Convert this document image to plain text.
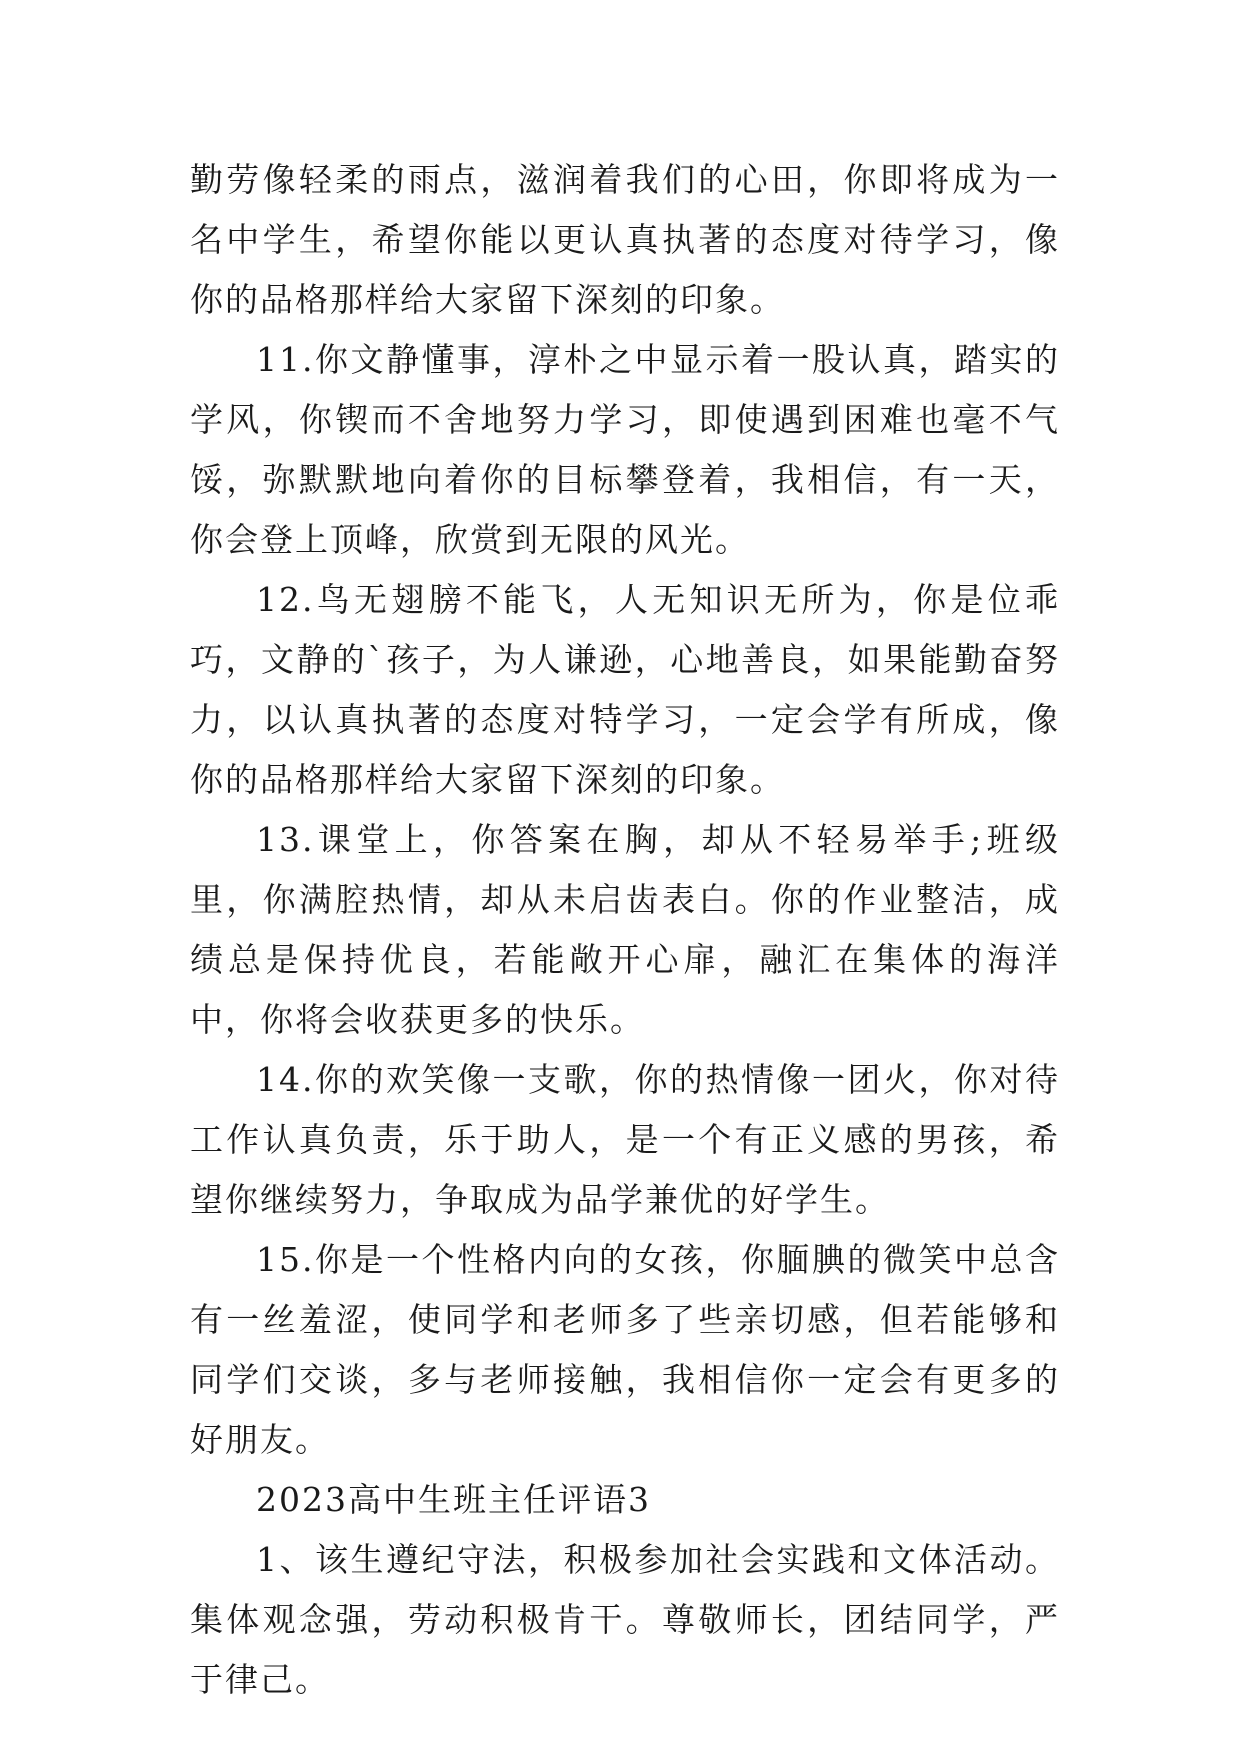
勤劳像轻柔的雨点，滋润着我们的心田，你即将成为一名中学生，希望你能以更认真执著的态度对待学习，像你的品格那样给大家留下深刻的印象。

11.你文静懂事，淳朴之中显示着一股认真，踏实的学风，你锲而不舍地努力学习，即使遇到困难也毫不气馁，弥默默地向着你的目标攀登着，我相信，有一天，你会登上顶峰，欣赏到无限的风光。

12.鸟无翅膀不能飞，人无知识无所为，你是位乖巧，文静的`孩子，为人谦逊，心地善良，如果能勤奋努力，以认真执著的态度对特学习，一定会学有所成，像你的品格那样给大家留下深刻的印象。

13.课堂上，你答案在胸，却从不轻易举手;班级里，你满腔热情，却从未启齿表白。你的作业整洁，成绩总是保持优良，若能敞开心扉，融汇在集体的海洋中，你将会收获更多的快乐。

14.你的欢笑像一支歌，你的热情像一团火，你对待工作认真负责，乐于助人，是一个有正义感的男孩，希望你继续努力，争取成为品学兼优的好学生。

15.你是一个性格内向的女孩，你腼腆的微笑中总含有一丝羞涩，使同学和老师多了些亲切感，但若能够和同学们交谈，多与老师接触，我相信你一定会有更多的好朋友。

2023高中生班主任评语3

1、该生遵纪守法，积极参加社会实践和文体活动。集体观念强，劳动积极肯干。尊敬师长，团结同学，严于律己。
